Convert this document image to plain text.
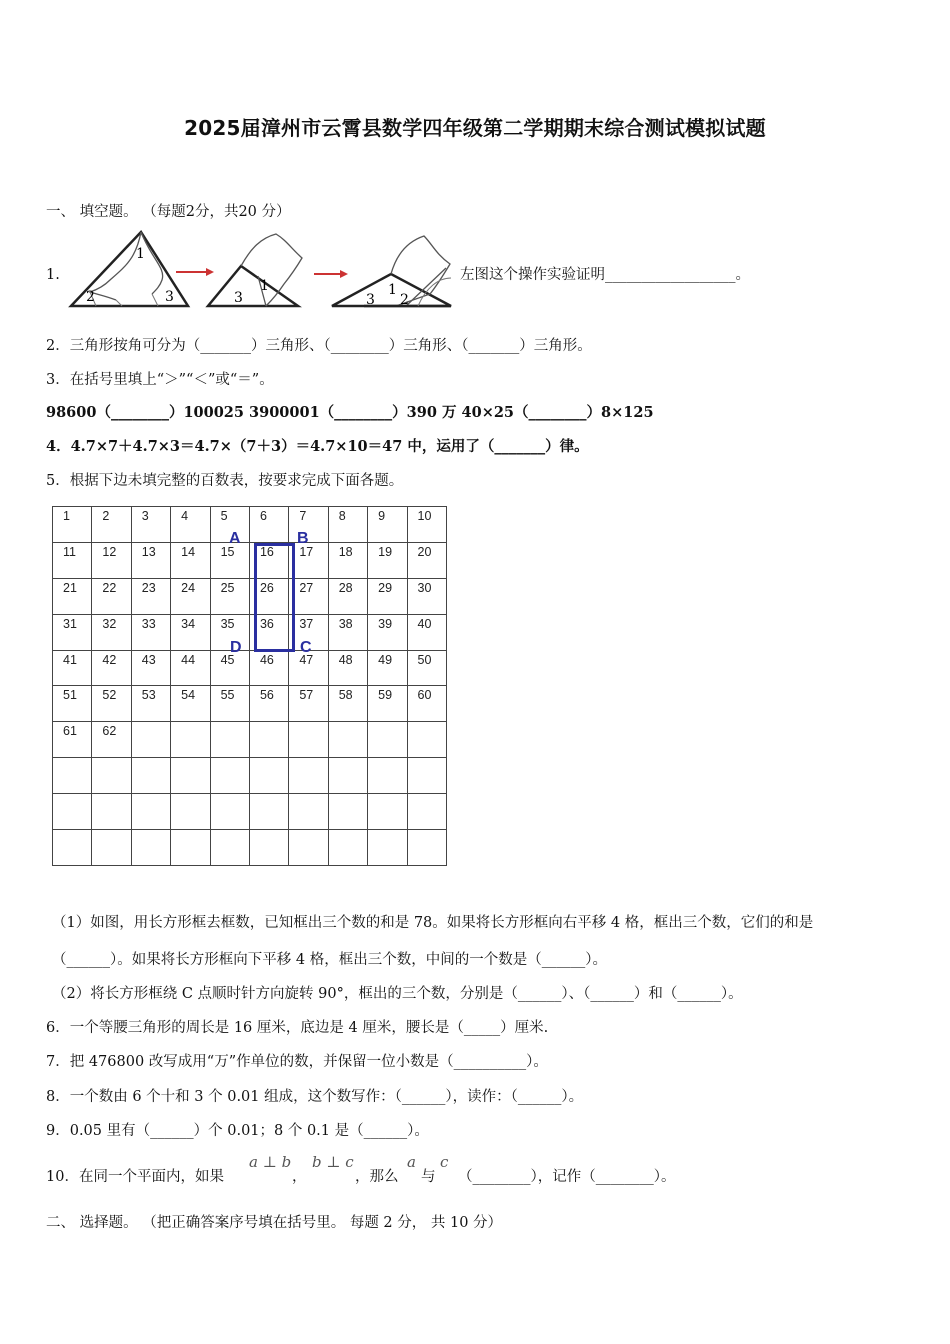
2025届漳州市云霄县数学四年级第二学期期末综合测试模拟试题
一、 填空题。 （每题2分，共20 分）
1.
1
2	3	3
1
3
1
2
左图这个操作实验证明__________________。
2．三角形按角可分为（_______）三角形、（________）三角形、（_______）三角形。
3．在括号里填上“＞”“＜”或“＝”。
98600（________）100025 3900001（________）390 万 40×25（________）8×125
4．4.7×7＋4.7×3＝4.7×（7＋3）＝4.7×10＝47 中，运用了（_______）律。
5．根据下边未填完整的百数表，按要求完成下面各题。
1	2	3	4	5	6	7	8	9	10
11	12	13	14	15	16	17	18	19	20
21	22	23	24	25	26	27	28	29	30
31	32	33	34	35	36	37	38	39	40
41	42	43	44	45	46	47	48	49	50
51	52	53	54	55	56	57	58	59	60
61	62								

A	B
D	C
（1）如图，用长方形框去框数，已知框出三个数的和是 78。如果将长方形框向右平移 4 格，框出三个数，它们的和是
（______）。如果将长方形框向下平移 4 格，框出三个数，中间的一个数是（______）。
（2）将长方形框绕 C 点顺时针方向旋转 90°，框出的三个数，分别是（______）、（______）和（______）。
6．一个等腰三角形的周长是 16 厘米，底边是 4 厘米，腰长是（_____）厘米.
7．把 476800 改写成用“万”作单位的数，并保留一位小数是（__________）。
8．一个数由 6 个十和 3 个 0.01 组成，这个数写作：（______），读作：（______）。
9．0.05 里有（______）个 0.01；8 个 0.1 是（______）。
10．在同一个平面内，如果
a ⊥ b
，
b ⊥ c
，那么
a
与
c
（________），记作（________）。
二、 选择题。 （把正确答案序号填在括号里。 每题 2 分， 共 10 分）
